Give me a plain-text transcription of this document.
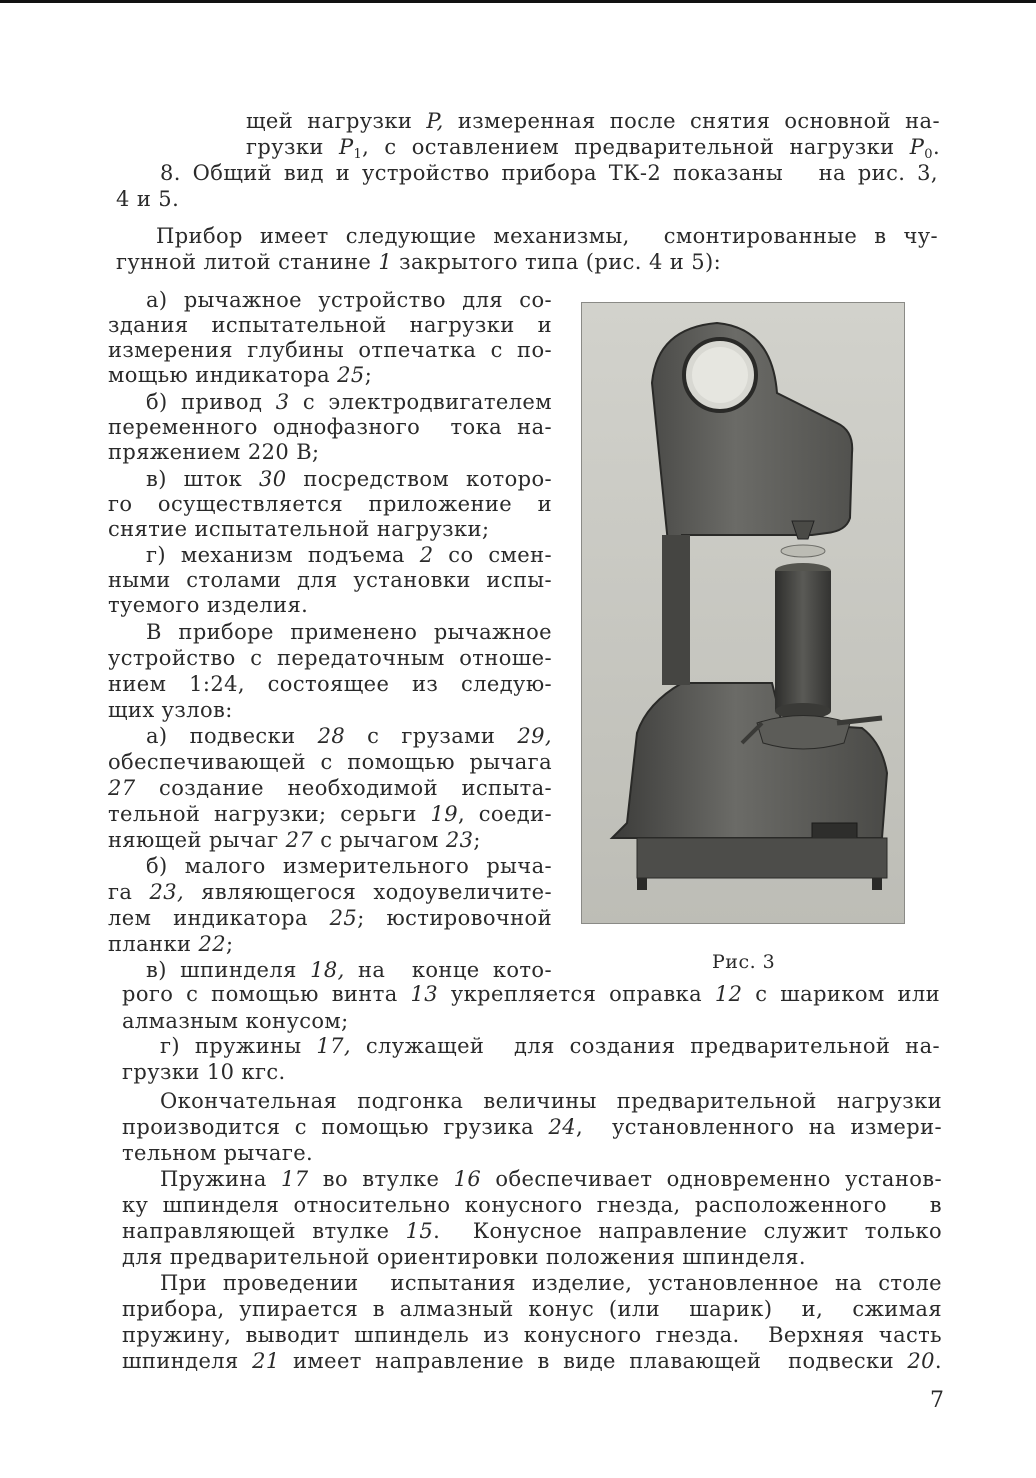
щей нагрузки P, измеренная после снятия основной на-
грузки $P_1$, с оставлением предварительной нагрузки $P_0$.
8. Общий вид и устройство прибора ТК-2 показаны   на рис. 3,
4 и 5.
Прибор имеет следующие механизмы,  смонтированные в чу-
гунной литой станине 1 закрытого типа (рис. 4 и 5):
а) рычажное устройство для со-
здания испытательной нагрузки и
измерения глубины отпечатка с по-
мощью индикатора 25;
б) привод 3 с электродвигателем
переменного однофазного  тока на-
пряжением 220 В;
в) шток 30 посредством которо-
го осуществляется приложение и
снятие испытательной нагрузки;
г) механизм подъема 2 со смен-
ными столами для установки испы-
туемого изделия.
В приборе применено рычажное
устройство с передаточным отноше-
нием 1:24, состоящее из следую-
щих узлов:
а) подвески 28 с грузами 29,
обеспечивающей с помощью рычага
27 создание необходимой испыта-
тельной нагрузки; серьги 19, соеди-
няющей рычаг 27 с рычагом 23;
б) малого измерительного рыча-
га 23, являющегося ходоувеличите-
лем индикатора 25; юстировочной
планки 22;
в) шпинделя 18, на  конце кото-
рого с помощью винта 13 укрепляется оправка 12 с шариком или
алмазным конусом;
г) пружины 17, служащей  для создания предварительной на-
грузки 10 кгс.
Окончательная подгонка величины предварительной нагрузки
производится с помощью грузика 24,  установленного на измери-
тельном рычаге.
Пружина 17 во втулке 16 обеспечивает одновременно установ-
ку шпинделя относительно конусного гнезда, расположенного   в
направляющей втулке 15.  Конусное направление служит только
для предварительной ориентировки положения шпинделя.
При проведении  испытания изделие, установленное на столе
прибора, упирается в алмазный конус (или  шарик)  и,  сжимая
пружину, выводит шпиндель из конусного гнезда.  Верхняя часть
шпинделя 21 имеет направление в виде плавающей  подвески 20.
Рис. 3
7
